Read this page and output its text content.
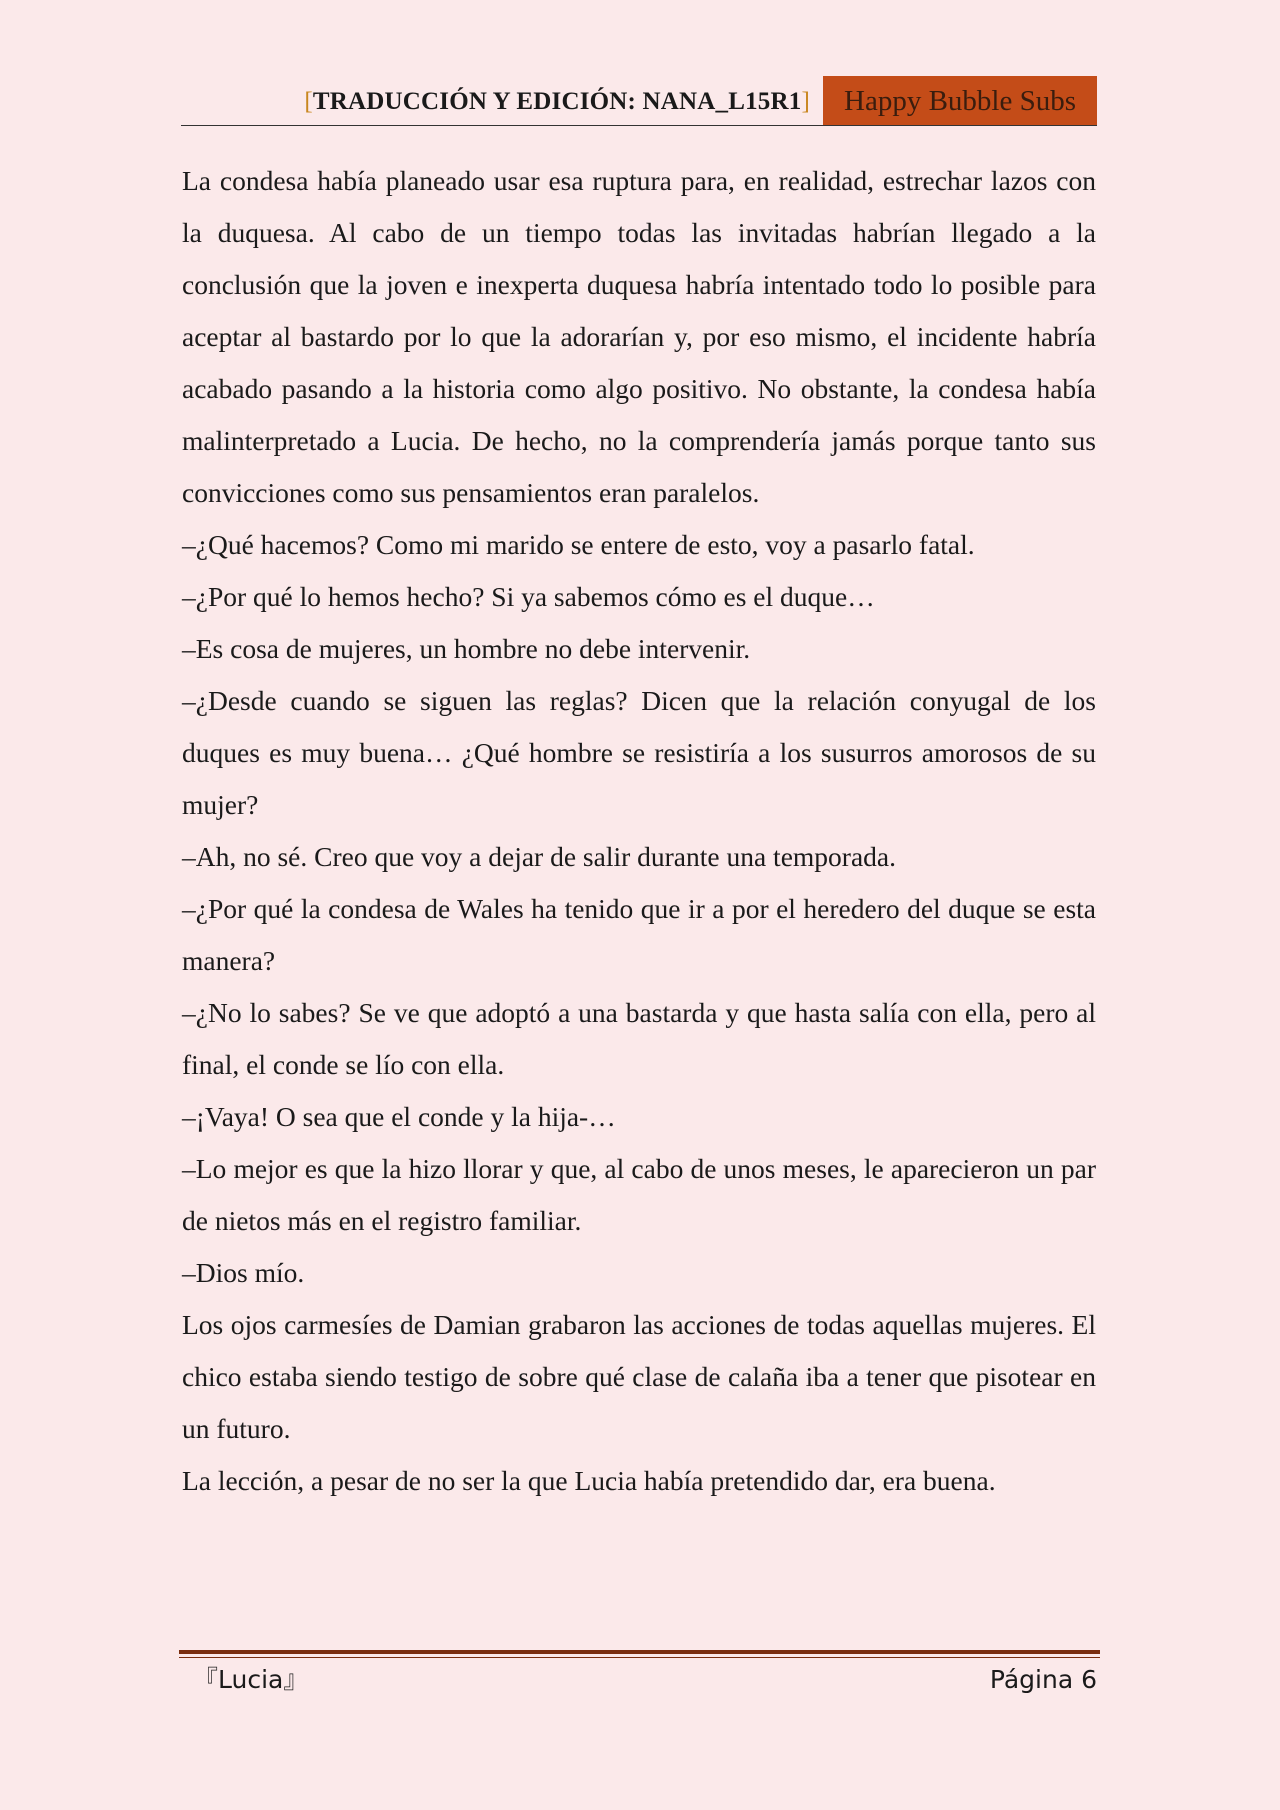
[TRADUCCIÓN Y EDICIÓN: NANA_L15R1]	Happy Bubble Subs

La condesa había planeado usar esa ruptura para, en realidad, estrechar lazos con la duquesa. Al cabo de un tiempo todas las invitadas habrían llegado a la conclusión que la joven e inexperta duquesa habría intentado todo lo posible para aceptar al bastardo por lo que la adorarían y, por eso mismo, el incidente habría acabado pasando a la historia como algo positivo. No obstante, la condesa había malinterpretado a Lucia. De hecho, no la comprendería jamás porque tanto sus convicciones como sus pensamientos eran paralelos.

–¿Qué hacemos? Como mi marido se entere de esto, voy a pasarlo fatal.

–¿Por qué lo hemos hecho? Si ya sabemos cómo es el duque…

–Es cosa de mujeres, un hombre no debe intervenir.

–¿Desde cuando se siguen las reglas? Dicen que la relación conyugal de los duques es muy buena… ¿Qué hombre se resistiría a los susurros amorosos de su mujer?

–Ah, no sé. Creo que voy a dejar de salir durante una temporada.

–¿Por qué la condesa de Wales ha tenido que ir a por el heredero del duque se esta manera?

–¿No lo sabes? Se ve que adoptó a una bastarda y que hasta salía con ella, pero al final, el conde se lío con ella.

–¡Vaya! O sea que el conde y la hija-…

–Lo mejor es que la hizo llorar y que, al cabo de unos meses, le aparecieron un par de nietos más en el registro familiar.

–Dios mío.

Los ojos carmesíes de Damian grabaron las acciones de todas aquellas mujeres. El chico estaba siendo testigo de sobre qué clase de calaña iba a tener que pisotear en un futuro.

La lección, a pesar de no ser la que Lucia había pretendido dar, era buena.

『Lucia』	Página 6
